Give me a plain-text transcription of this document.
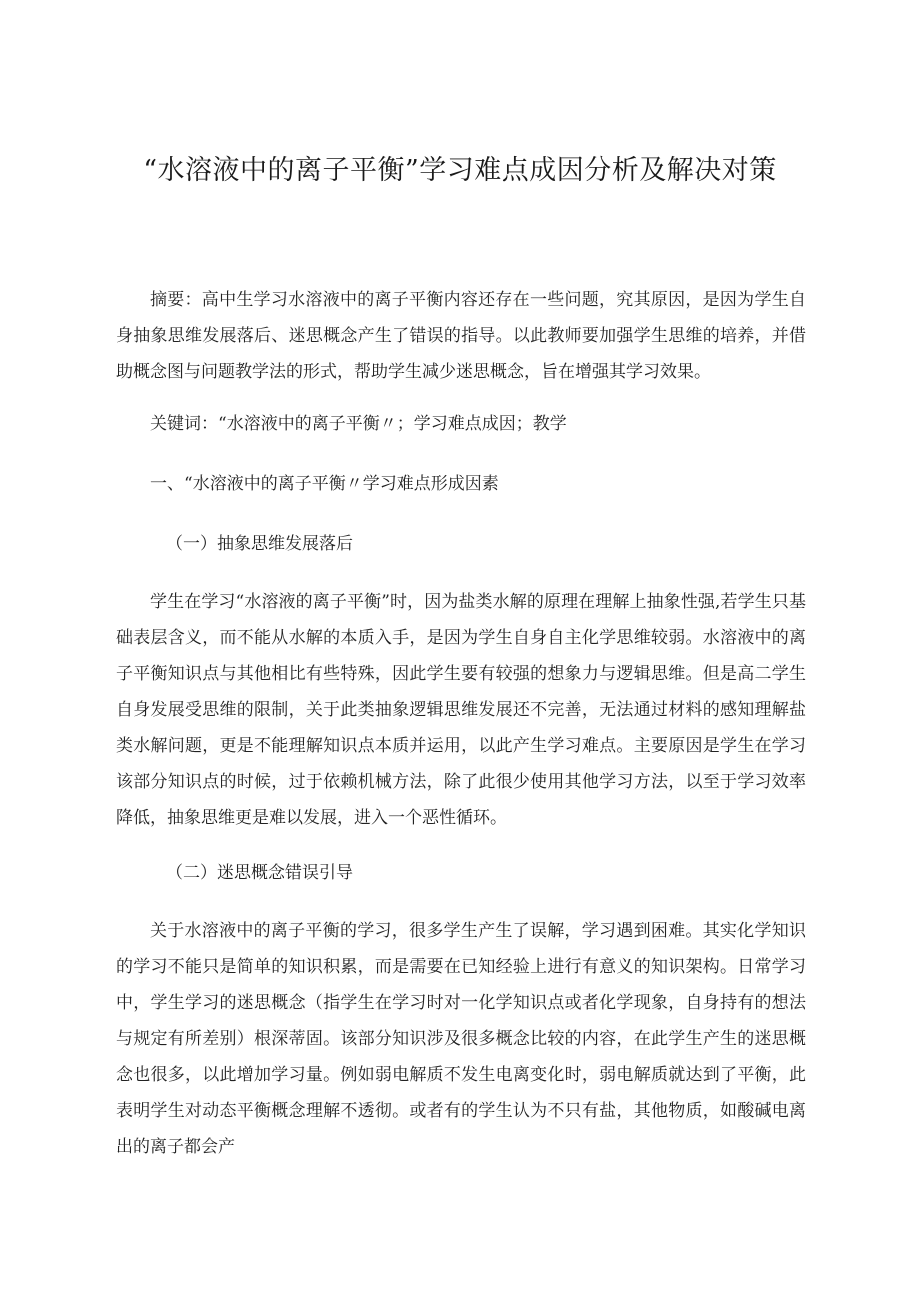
“水溶液中的离子平衡”学习难点成因分析及解决对策

摘要：高中生学习水溶液中的离子平衡内容还存在一些问题，究其原因，是因为学生自身抽象思维发展落后、迷思概念产生了错误的指导。以此教师要加强学生思维的培养，并借助概念图与问题教学法的形式，帮助学生减少迷思概念，旨在增强其学习效果。

关键词：“水溶液中的离子平衡〃；学习难点成因；教学
一、“水溶液中的离子平衡〃学习难点形成因素
（一）抽象思维发展落后

学生在学习“水溶液的离子平衡”时，因为盐类水解的原理在理解上抽象性强,若学生只基础表层含义，而不能从水解的本质入手，是因为学生自身自主化学思维较弱。水溶液中的离子平衡知识点与其他相比有些特殊，因此学生要有较强的想象力与逻辑思维。但是高二学生自身发展受思维的限制，关于此类抽象逻辑思维发展还不完善，无法通过材料的感知理解盐类水解问题，更是不能理解知识点本质并运用，以此产生学习难点。主要原因是学生在学习该部分知识点的时候，过于依赖机械方法，除了此很少使用其他学习方法，以至于学习效率降低，抽象思维更是难以发展，进入一个恶性循环。

（二）迷思概念错误引导

关于水溶液中的离子平衡的学习，很多学生产生了误解，学习遇到困难。其实化学知识的学习不能只是简单的知识积累，而是需要在已知经验上进行有意义的知识架构。日常学习中，学生学习的迷思概念（指学生在学习时对一化学知识点或者化学现象，自身持有的想法与规定有所差别）根深蒂固。该部分知识涉及很多概念比较的内容，在此学生产生的迷思概念也很多，以此增加学习量。例如弱电解质不发生电离变化时，弱电解质就达到了平衡，此表明学生对动态平衡概念理解不透彻。或者有的学生认为不只有盐，其他物质，如酸碱电离出的离子都会产
